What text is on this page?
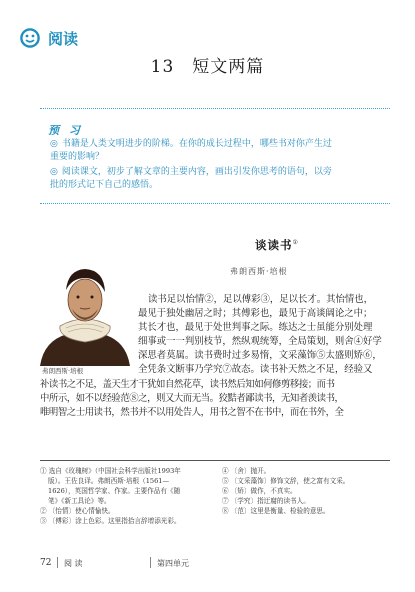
阅读
13　短文两篇
预 习
◎ 书籍是人类文明进步的阶梯。在你的成长过程中，哪些书对你产生过
重要的影响？
◎ 阅读课文，初步了解文章的主要内容，画出引发你思考的语句，以旁
批的形式记下自己的感悟。
弗朗西斯·培根
谈读书①
弗朗西斯·培根
读书足以怡情②，足以傅彩③，足以长才。其怡情也，
最见于独处幽居之时；其傅彩也，最见于高谈阔论之中；
其长才也，最见于处世判事之际。练达之士虽能分别处理
细事或一一判别枝节，然纵观统筹，全局策划，则舍④好学
深思者莫属。读书费时过多易惰，文采藻饰⑤太盛则矫⑥，
全凭条文断事乃学究⑦故态。读书补天然之不足，经验又
补读书之不足，盖天生才干犹如自然花草，读书然后知如何修剪移接；而书
中所示，如不以经验范⑧之，则又大而无当。狡黠者鄙读书，无知者羡读书，
唯明智之士用读书，然书并不以用处告人，用书之智不在书中，而在书外，全
① 选自《玫瑰树》（中国社会科学出版社1993年
版）。王佐良译。弗朗西斯·培根（1561—
1626），英国哲学家、作家。主要作品有《随
笔》《新工具论》等。
② 〔怡情〕使心情愉快。
③ 〔傅彩〕涂上色彩。这里指拾言辞增添光彩。
④ 〔舍〕抛开。
⑤ 〔文采藻饰〕修饰文辞，使之富有文采。
⑥ 〔矫〕做作，不真实。
⑦ 〔学究〕指迂腐的读书人。
⑧ 〔范〕这里是衡量、检验的意思。
72 阅 读	第四单元
